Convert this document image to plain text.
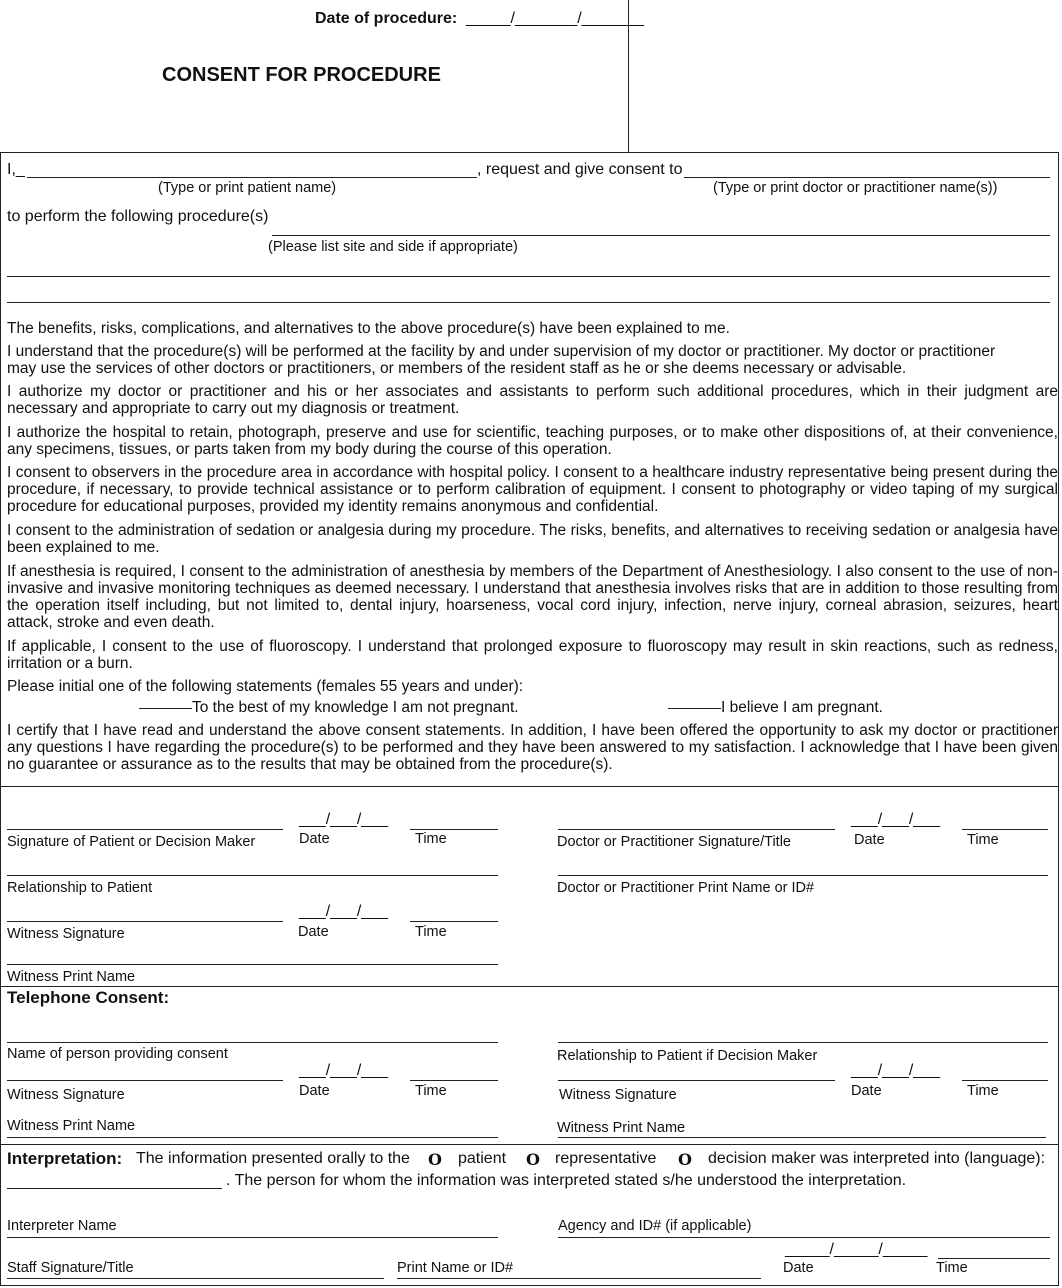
Date of procedure: _____/_______/_______
CONSENT FOR PROCEDURE
I,_	, request and give consent to
(Type or print patient name)	(Type or print doctor or practitioner name(s))
to perform the following procedure(s)
(Please list site and side if appropriate)
The benefits, risks, complications, and alternatives to the above procedure(s) have been explained to me.
I understand that the procedure(s) will be performed at the facility by and under supervision of my doctor or practitioner. My doctor or practitioner
may use the services of other doctors or practitioners, or members of the resident staff as he or she deems necessary or advisable.
I authorize my doctor or practitioner and his or her associates and assistants to perform such additional procedures, which in their judgment are necessary and appropriate to carry out my diagnosis or treatment.
I authorize the hospital to retain, photograph, preserve and use for scientific, teaching purposes, or to make other dispositions of, at their convenience, any specimens, tissues, or parts taken from my body during the course of this operation.
I consent to observers in the procedure area in accordance with hospital policy. I consent to a healthcare industry representative being present during the procedure, if necessary, to provide technical assistance or to perform calibration of equipment. I consent to photography or video taping of my surgical procedure for educational purposes, provided my identity remains anonymous and confidential.
I consent to the administration of sedation or analgesia during my procedure. The risks, benefits, and alternatives to receiving sedation or analgesia have been explained to me.
If anesthesia is required, I consent to the administration of anesthesia by members of the Department of Anesthesiology. I also consent to the use of non-invasive and invasive monitoring techniques as deemed necessary. I understand that anesthesia involves risks that are in addition to those resulting from the operation itself including, but not limited to, dental injury, hoarseness, vocal cord injury, infection, nerve injury, corneal abrasion, seizures, heart attack, stroke and even death.
If applicable, I consent to the use of fluoroscopy. I understand that prolonged exposure to fluoroscopy may result in skin reactions, such as redness, irritation or a burn.
Please initial one of the following statements (females 55 years and under):
To the best of my knowledge I am not pregnant.	I believe I am pregnant.
I certify that I have read and understand the above consent statements. In addition, I have been offered the opportunity to ask my doctor or practitioner any questions I have regarding the procedure(s) to be performed and they have been answered to my satisfaction. I acknowledge that I have been given no guarantee or assurance as to the results that may be obtained from the procedure(s).
___/___/___
Signature of Patient or Decision Maker	Date	Time
___/___/___
Doctor or Practitioner Signature/Title	Date	Time
Relationship to Patient	Doctor or Practitioner Print Name or ID#
___/___/___
Witness Signature	Date	Time
Witness Print Name
Telephone Consent:
Name of person providing consent	Relationship to Patient if Decision Maker
___/___/___
Witness Signature	Date	Time
___/___/___
Witness Signature	Date	Time
Witness Print Name	Witness Print Name
Interpretation: The information presented orally to the O patient O representative O decision maker was interpreted into (language):
. The person for whom the information was interpreted stated s/he understood the interpretation.
Interpreter Name	Agency and ID# (if applicable)
Staff Signature/Title	Print Name or ID#
_____/_____/_____
Date	Time
